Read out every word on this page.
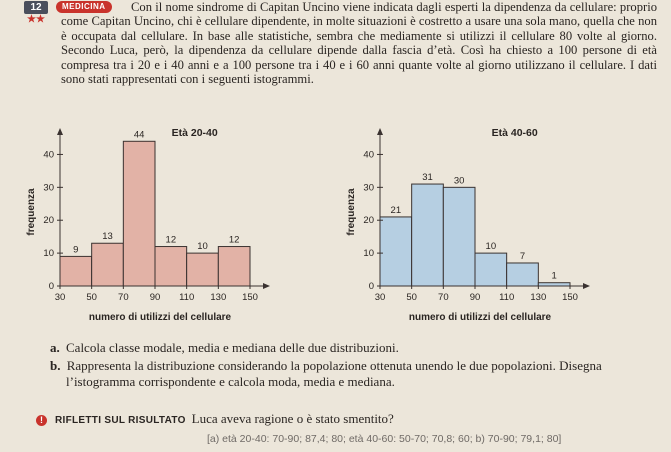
12
★★
MEDICINA	Con il nome sindrome di Capitan Uncino viene indicata dagli esperti la dipendenza da cellulare: proprio come Capitan Uncino, chi è cellulare dipendente, in molte situazioni è costretto a usare una sola mano, quella che non è occupata dal cellulare. In base alle statistiche, sembra che mediamente si utilizzi il cellulare 80 volte al giorno. Secondo Luca, però, la dipendenza da cellulare dipende dalla fascia d’età. Così ha chiesto a 100 persone di età compresa tra i 20 e i 40 anni e a 100 persone tra i 40 e i 60 anni quante volte al giorno utilizzano il cellulare. I dati sono stati rappresentati con i seguenti istogrammi.

Età 20-40
9
13
44
12
10
12
0
10
20
30
40
30 50 70 90 110 130 150
frequenza
numero di utilizzi del cellulare
Età 40-60
21
31 30
10
7
1
0
10
20
30
40
30 50 70 90 110 130 150
frequenza
numero di utilizzi del cellulare

a. Calcola classe modale, media e mediana delle due distribuzioni.

b. Rappresenta la distribuzione considerando la popolazione ottenuta unendo le due popolazioni. Disegna l’istogramma corrispondente e calcola moda, media e mediana.

! RIFLETTI SUL RISULTATO Luca aveva ragione o è stato smentito?
[a) età 20-40: 70-90; 87,4; 80; età 40-60: 50-70; 70,8; 60; b) 70-90; 79,1; 80]
